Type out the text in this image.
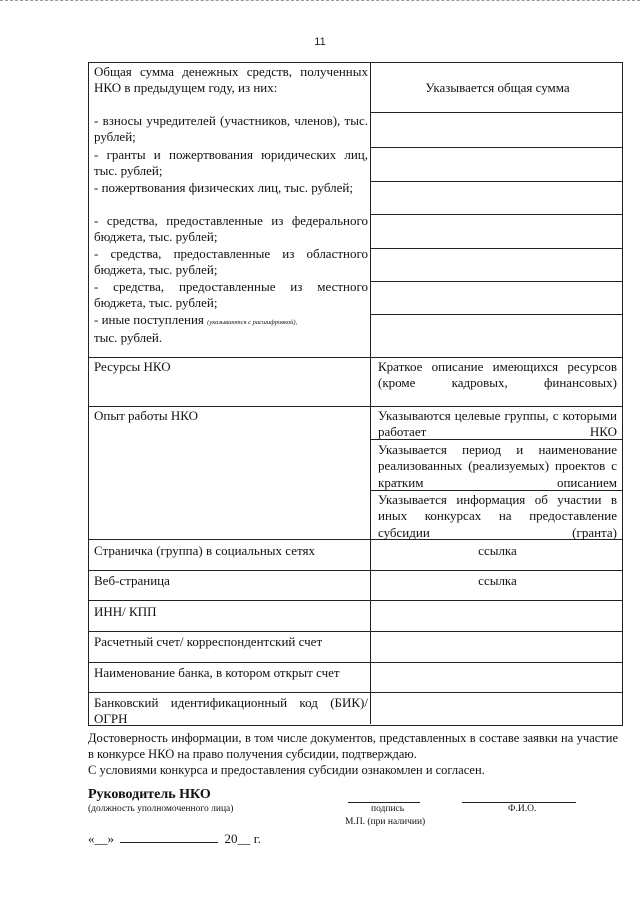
11
Общая сумма денежных средств, полученных НКО в предыдущем году, из них:
- взносы учредителей (участников, членов), тыс. рублей;
- гранты и пожертвования юридических лиц, тыс. рублей;
- пожертвования физических лиц, тыс. рублей;
- средства, предоставленные из федерального бюджета, тыс. рублей;
- средства, предоставленные из областного бюджета, тыс. рублей;
- средства, предоставленные из местного бюджета, тыс. рублей;
- иные поступления (указываются с расшифровкой),
тыс. рублей.
Указывается общая сумма
Ресурсы НКО	Краткое описание имеющихся ресурсов (кроме кадровых, финансовых)
Опыт работы НКО	Указываются целевые группы, с которыми работает НКО
Указывается период и наименование реализованных (реализуемых) проектов с кратким описанием
Указывается информация об участии в иных конкурсах на предоставление субсидии (гранта)
Страничка (группа) в социальных сетях	ссылка
Веб-страница	ссылка
ИНН/ КПП
Расчетный счет/ корреспондентский счет
Наименование банка, в котором открыт счет
Банковский идентификационный код (БИК)/ОГРН
Достоверность информации, в том числе документов, представленных в составе заявки на участие в конкурсе НКО на право получения субсидии, подтверждаю.
С условиями конкурса и предоставления субсидии ознакомлен и согласен.
Руководитель НКО
(должность уполномоченного лица)	подпись	Ф.И.О.
М.П. (при наличии)
«__»	20__ г.
